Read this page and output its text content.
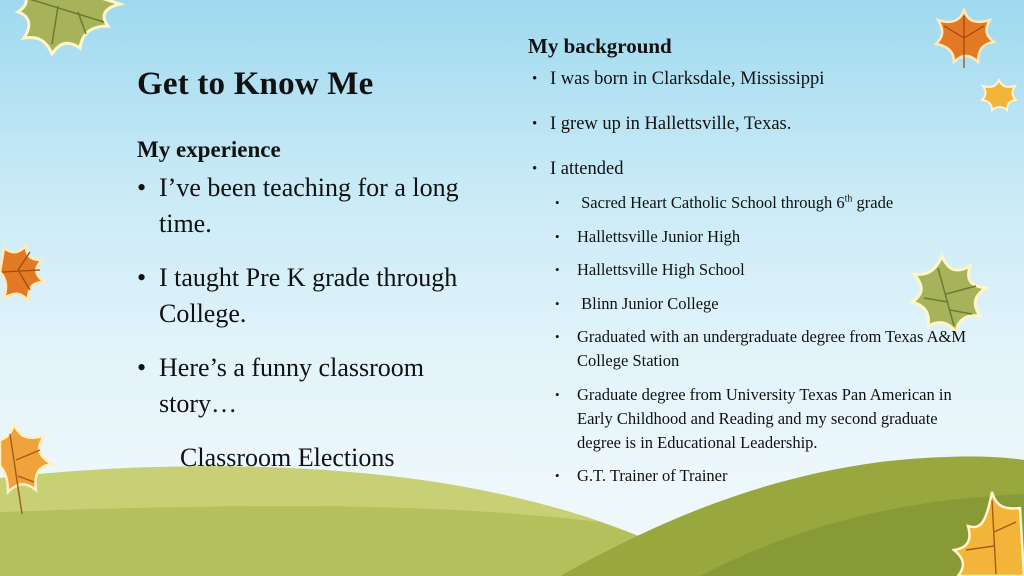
Get to Know Me
My experience
• I’ve been teaching for a long time.
• I taught Pre K grade through College.
• Here’s a funny classroom story…
Classroom Elections
My background
• I was born in Clarksdale, Mississippi
• I grew up in Hallettsville, Texas.
• I attended
• Sacred Heart Catholic School through 6th grade
• Hallettsville Junior High
• Hallettsville High School
• Blinn Junior College
• Graduated with an undergraduate degree from Texas A&M College Station
• Graduate degree from University Texas Pan American in Early Childhood and Reading and my second graduate degree is in Educational Leadership.
• G.T. Trainer of Trainer
